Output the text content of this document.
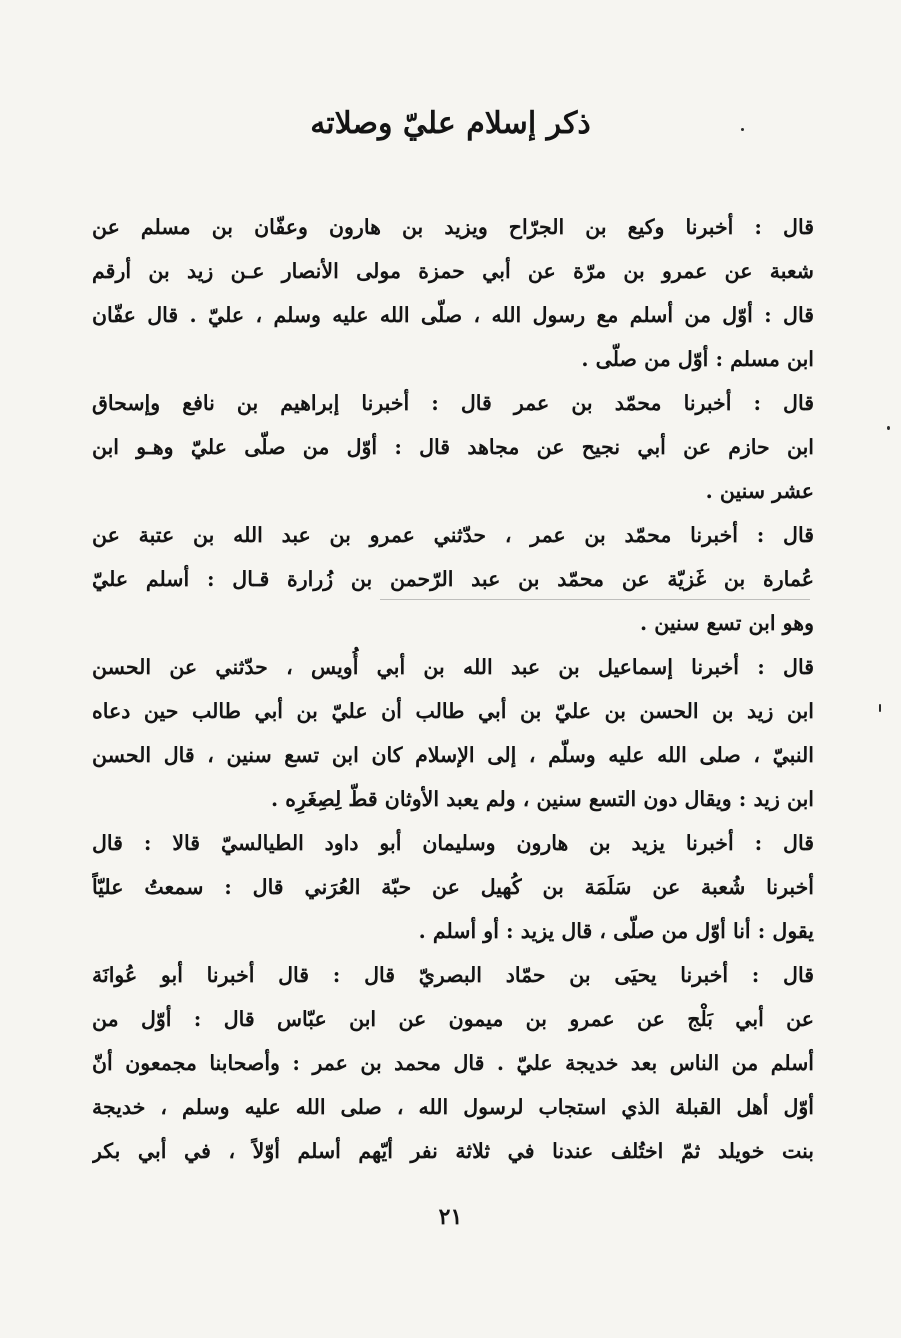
ذكر إسلام عليّ وصلاته
قال : أخبرنا وكيع بن الجرّاح ويزيد بن هارون وعفّان بن مسلم عن
شعبة عن عمرو بن مرّة عن أبي حمزة مولى الأنصار عـن زيد بن أرقم
قال : أوّل من أسلم مع رسول الله ، صلّى الله عليه وسلم ، عليّ . قال عفّان
ابن مسلم : أوّل من صلّى .
قال : أخبرنا محمّد بن عمر قال : أخبرنا إبراهيم بن نافع وإسحاق
ابن حازم عن أبي نجيح عن مجاهد قال : أوّل من صلّى عليّ وهـو ابن
عشر سنين .
قال : أخبرنا محمّد بن عمر ، حدّثني عمرو بن عبد الله بن عتبة عن
عُمارة بن غَزيّة عن محمّد بن عبد الرّحمن بن زُرارة قـال : أسلم عليّ
وهو ابن تسع سنين .
قال : أخبرنا إسماعيل بن عبد الله بن أبي أُويس ، حدّثني عن الحسن
ابن زيد بن الحسن بن عليّ بن أبي طالب أن عليّ بن أبي طالب حين دعاه
النبيّ ، صلى الله عليه وسلّم ، إلى الإسلام كان ابن تسع سنين ، قال الحسن
ابن زيد : ويقال دون التسع سنين ، ولم يعبد الأوثان قطّ لِصِغَرِه .
قال : أخبرنا يزيد بن هارون وسليمان أبو داود الطيالسيّ قالا : قال
أخبرنا شُعبة عن سَلَمَة بن كُهيل عن حبّة العُرَني قال : سمعتُ عليّاً
يقول : أنا أوّل من صلّى ، قال يزيد : أو أسلم .
قال : أخبرنا يحيَى بن حمّاد البصريّ قال : قال أخبرنا أبو عُوانَة
عن أبي بَلْج عن عمرو بن ميمون عن ابن عبّاس قال : أوّل من
أسلم من الناس بعد خديجة عليّ . قال محمد بن عمر : وأصحابنا مجمعون أنّ
أوّل أهل القبلة الذي استجاب لرسول الله ، صلى الله عليه وسلم ، خديجة
بنت خويلد ثمّ اختُلف عندنا في ثلاثة نفر أيّهم أسلم أوّلاً ، في أبي بكر
٢١
